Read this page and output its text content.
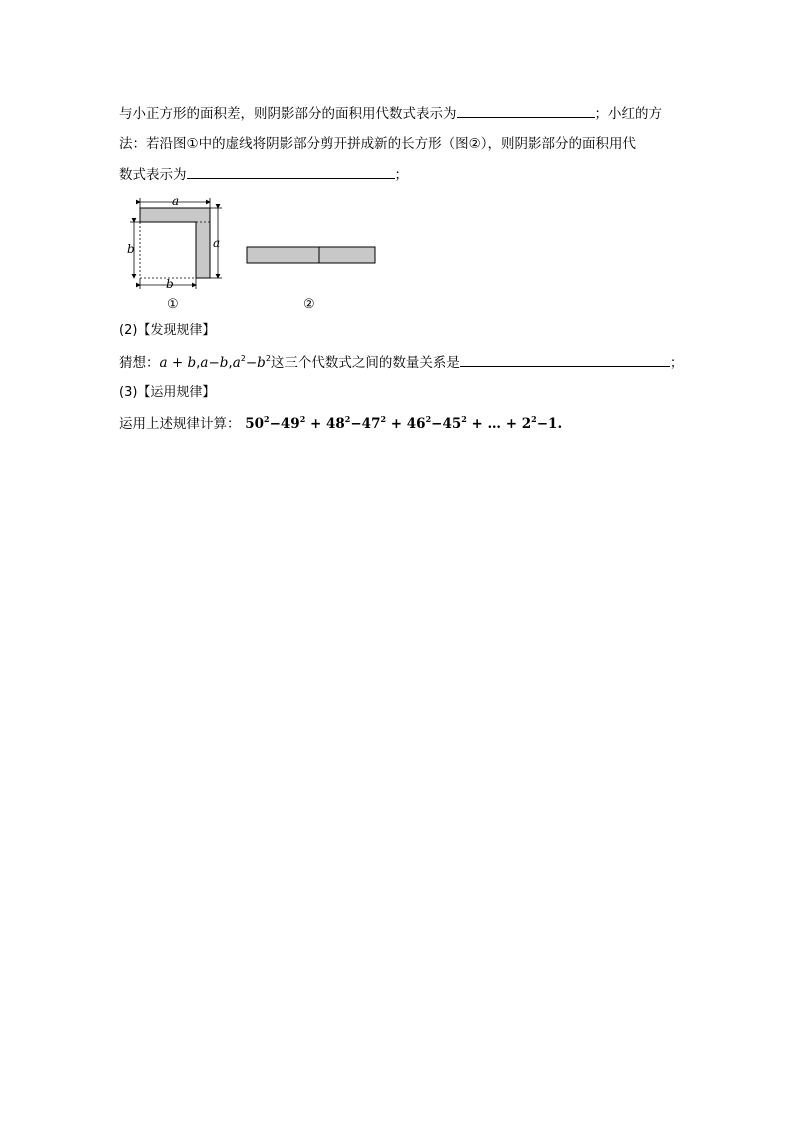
与小正方形的面积差，则阴影部分的面积用代数式表示为	；小红的方
法：若沿图①中的虚线将阴影部分剪开拼成新的长方形（图②），则阴影部分的面积用代
数式表示为	；
a
a
b
b
①	②
(2)【发现规律】
猜想：$a + b,a-b,a^2-b^2$这三个代数式之间的数量关系是	；
(3)【运用规律】
运用上述规律计算： $50^2-49^2 + 48^2-47^2 + 46^2-45^2$ + … + $2^2-1$.
